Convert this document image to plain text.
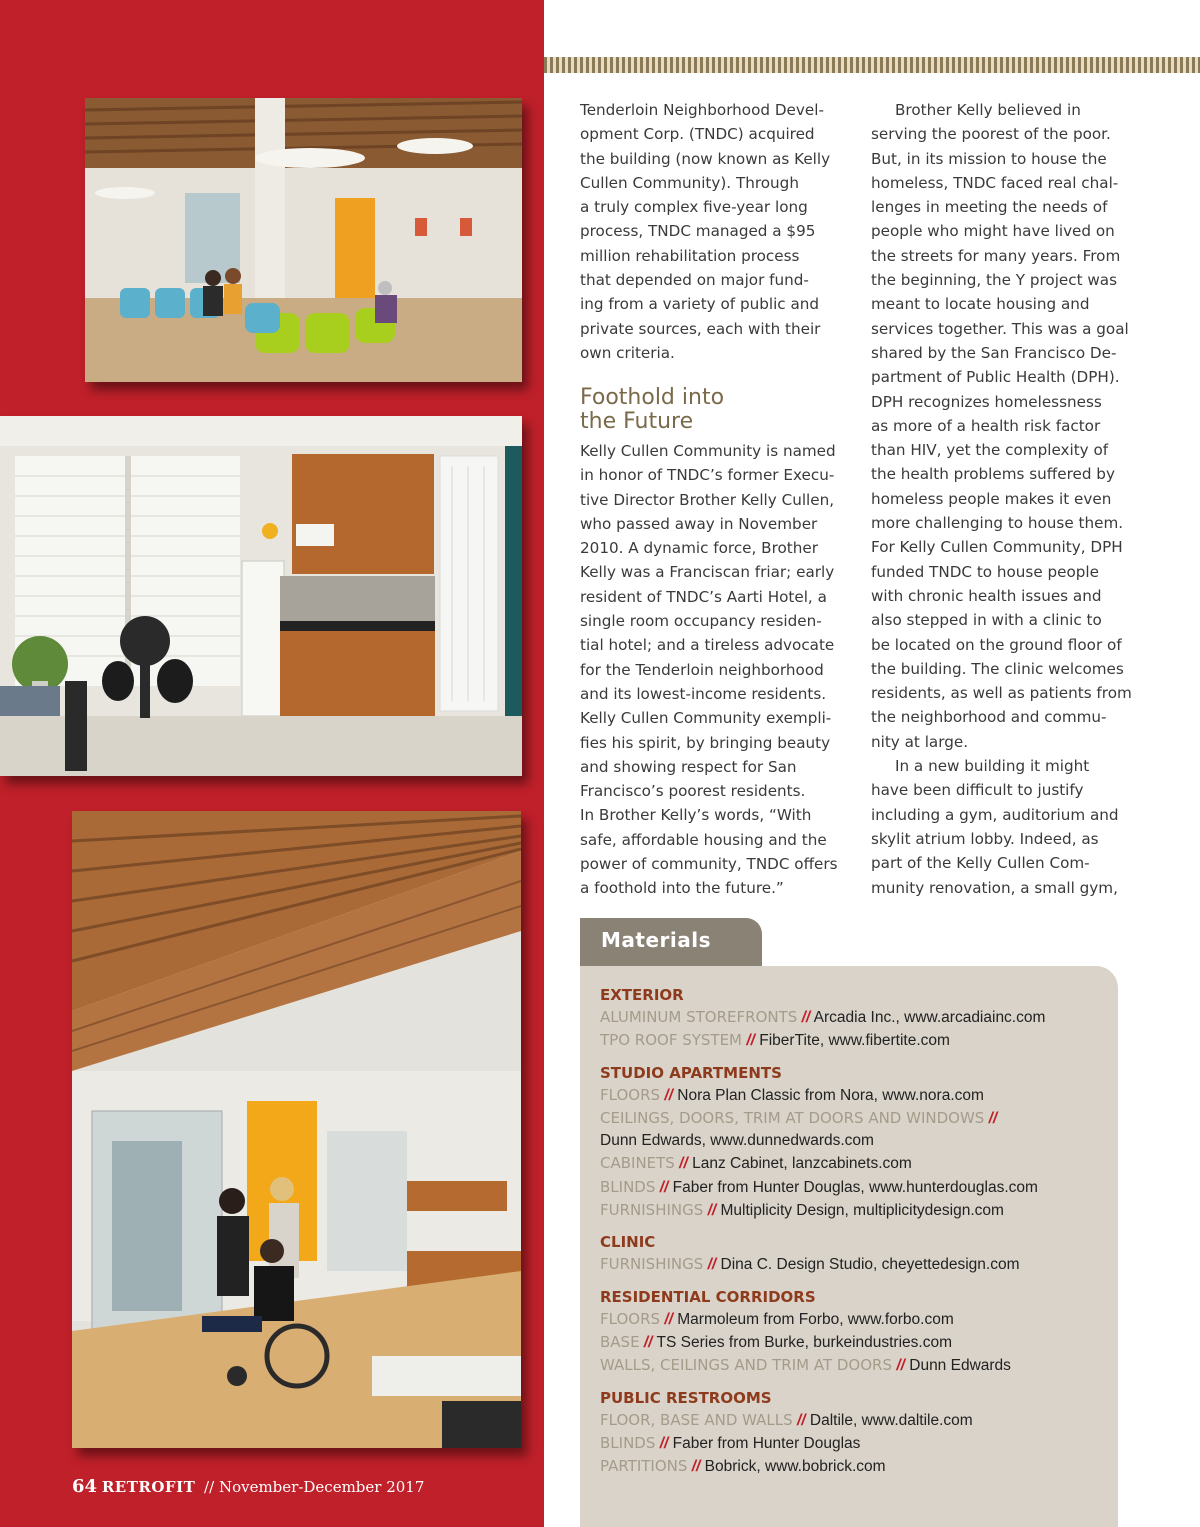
Tenderloin Neighborhood Devel-
opment Corp. (TNDC) acquired
the building (now known as Kelly
Cullen Community). Through
a truly complex five-year long
process, TNDC managed a $95
million rehabilitation process
that depended on major fund-
ing from a variety of public and
private sources, each with their
own criteria.
Foothold into
the Future
Kelly Cullen Community is named
in honor of TNDC’s former Execu-
tive Director Brother Kelly Cullen,
who passed away in November
2010. A dynamic force, Brother
Kelly was a Franciscan friar; early
resident of TNDC’s Aarti Hotel, a
single room occupancy residen-
tial hotel; and a tireless advocate
for the Tenderloin neighborhood
and its lowest-income residents.
Kelly Cullen Community exempli-
fies his spirit, by bringing beauty
and showing respect for San
Francisco’s poorest residents.
In Brother Kelly’s words, “With
safe, affordable housing and the
power of community, TNDC offers
a foothold into the future.”
Brother Kelly believed in
serving the poorest of the poor.
But, in its mission to house the
homeless, TNDC faced real chal-
lenges in meeting the needs of
people who might have lived on
the streets for many years. From
the beginning, the Y project was
meant to locate housing and
services together. This was a goal
shared by the San Francisco De-
partment of Public Health (DPH).
DPH recognizes homelessness
as more of a health risk factor
than HIV, yet the complexity of
the health problems suffered by
homeless people makes it even
more challenging to house them.
For Kelly Cullen Community, DPH
funded TNDC to house people
with chronic health issues and
also stepped in with a clinic to
be located on the ground floor of
the building. The clinic welcomes
residents, as well as patients from
the neighborhood and commu-
nity at large.
In a new building it might
have been difficult to justify
including a gym, auditorium and
skylit atrium lobby. Indeed, as
part of the Kelly Cullen Com-
munity renovation, a small gym,
Materials
EXTERIOR
ALUMINUM STOREFRONTS // Arcadia Inc., www.arcadiainc.com
TPO ROOF SYSTEM // FiberTite, www.fibertite.com
STUDIO APARTMENTS
FLOORS // Nora Plan Classic from Nora, www.nora.com
CEILINGS, DOORS, TRIM AT DOORS AND WINDOWS //
Dunn Edwards, www.dunnedwards.com
CABINETS // Lanz Cabinet, lanzcabinets.com
BLINDS // Faber from Hunter Douglas, www.hunterdouglas.com
FURNISHINGS // Multiplicity Design, multiplicitydesign.com
CLINIC
FURNISHINGS // Dina C. Design Studio, cheyettedesign.com
RESIDENTIAL CORRIDORS
FLOORS // Marmoleum from Forbo, www.forbo.com
BASE // TS Series from Burke, burkeindustries.com
WALLS, CEILINGS AND TRIM AT DOORS // Dunn Edwards
PUBLIC RESTROOMS
FLOOR, BASE AND WALLS // Daltile, www.daltile.com
BLINDS // Faber from Hunter Douglas
PARTITIONS // Bobrick, www.bobrick.com
64 RETROFIT // November-December 2017
